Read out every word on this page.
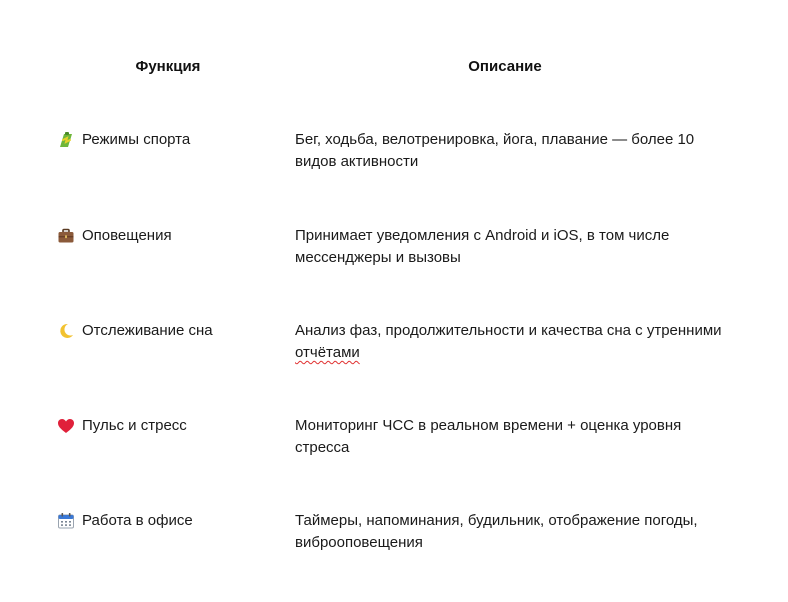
Функция	Описание
Режимы спорта	Бег, ходьба, велотренировка, йога, плавание — более 10 видов активности
Оповещения	Принимает уведомления с Android и iOS, в том числе мессенджеры и вызовы
Отслеживание сна	Анализ фаз, продолжительности и качества сна с утренними отчётами
Пульс и стресс	Мониторинг ЧСС в реальном времени + оценка уровня стресса
Работа в офисе	Таймеры, напоминания, будильник, отображение погоды, виброоповещения
